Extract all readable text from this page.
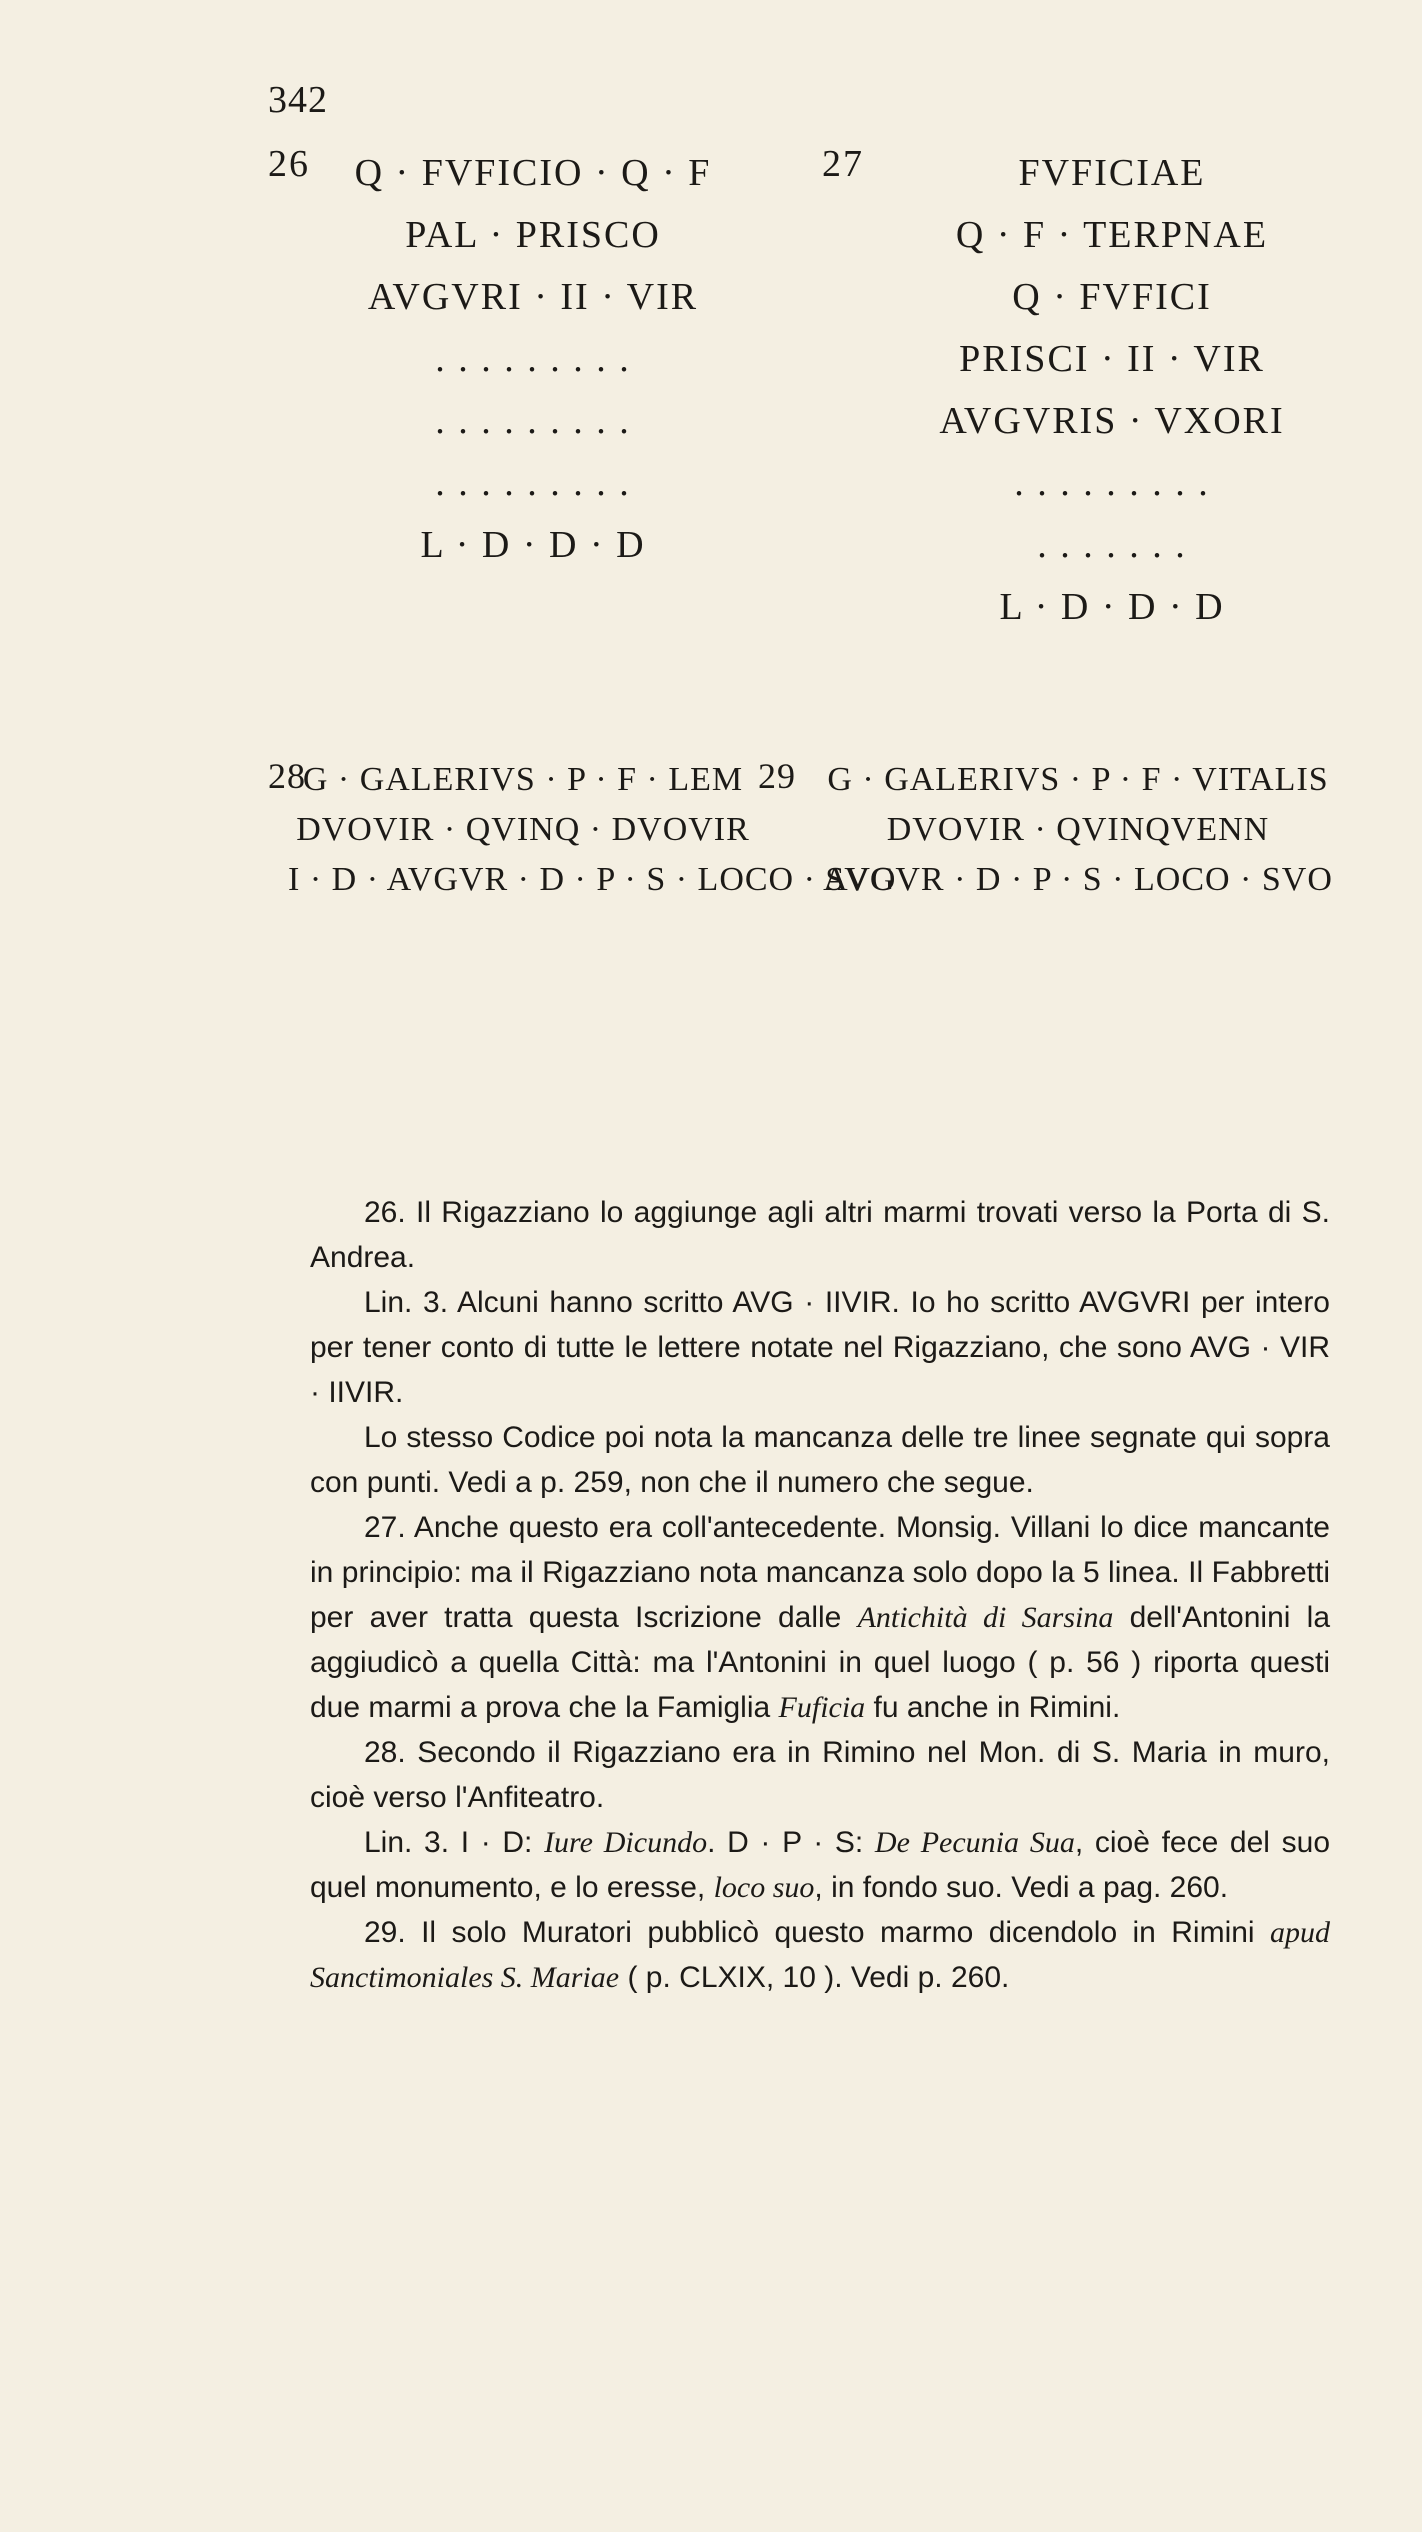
342
26	Q · FVFICIO · Q · F
PAL · PRISCO
AVGVRI · II · VIR
. . . . . . . . .
. . . . . . . . .
. . . . . . . . .
L · D · D · D
27	FVFICIAE
Q · F · TERPNAE
Q · FVFICI
PRISCI · II · VIR
AVGVRIS · VXORI
. . . . . . . . .
. . . . . . .
L · D · D · D
28
G · GALERIVS · P · F · LEM
DVOVIR · QVINQ · DVOVIR
I · D · AVGVR · D · P · S · LOCO · SVO
29 G · GALERIVS · P · F · VITALIS
DVOVIR · QVINQVENN
AVGVR · D · P · S · LOCO · SVO

26. Il Rigazziano lo aggiunge agli altri marmi trovati verso la Porta di S. Andrea.

Lin. 3. Alcuni hanno scritto AVG · IIVIR. Io ho scritto AVGVRI per intero per tener conto di tutte le lettere notate nel Rigazziano, che sono AVG · VIR · IIVIR.

Lo stesso Codice poi nota la mancanza delle tre linee segnate qui sopra con punti. Vedi a p. 259, non che il numero che segue.

27. Anche questo era coll'antecedente. Monsig. Villani lo dice mancante in principio: ma il Rigazziano nota mancanza solo dopo la 5 linea. Il Fabbretti per aver tratta questa Iscrizione dalle Antichità di Sarsina dell'Antonini la aggiudicò a quella Città: ma l'Antonini in quel luogo ( p. 56 ) riporta questi due marmi a prova che la Famiglia Fuficia fu anche in Rimini.

28. Secondo il Rigazziano era in Rimino nel Mon. di S. Maria in muro, cioè verso l'Anfiteatro.

Lin. 3. I · D: Iure Dicundo. D · P · S: De Pecunia Sua, cioè fece del suo quel monumento, e lo eresse, loco suo, in fondo suo. Vedi a pag. 260.

29. Il solo Muratori pubblicò questo marmo dicendolo in Rimini apud Sanctimoniales S. Mariae ( p. CLXIX, 10 ). Vedi p. 260.
